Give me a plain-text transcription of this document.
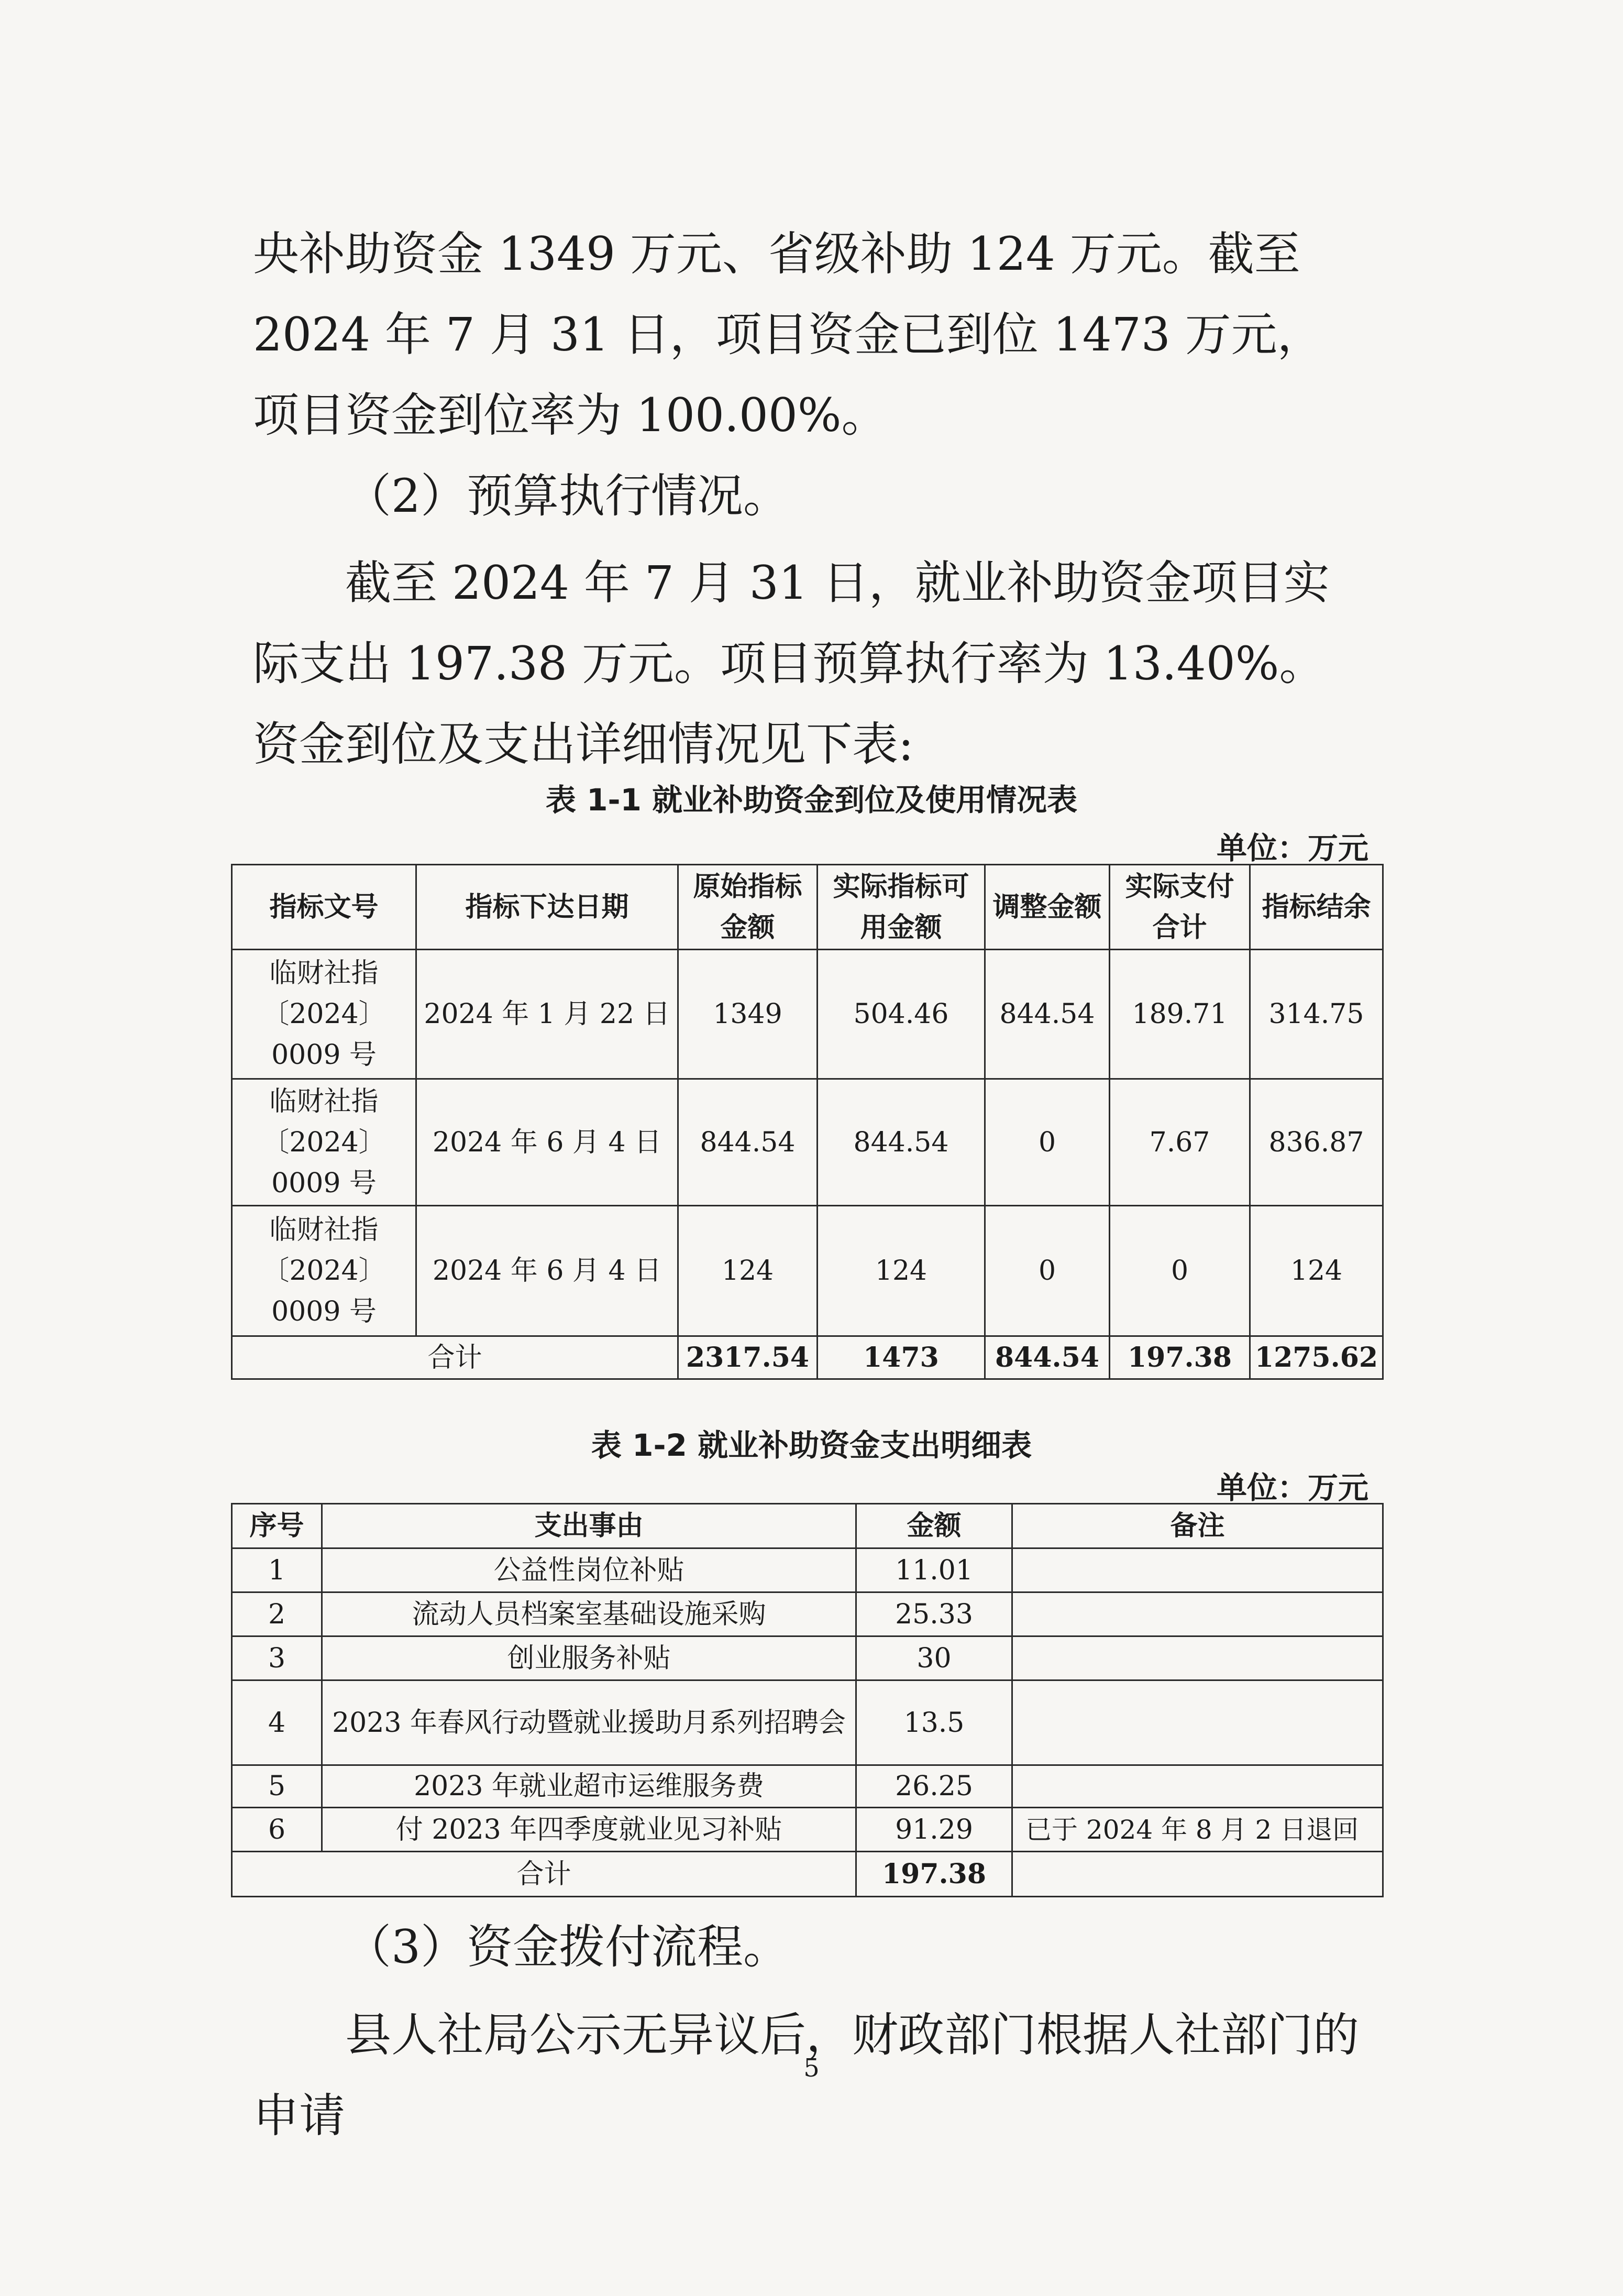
央补助资金 1349 万元、省级补助 124 万元。截至 2024 年 7 月 31 日，项目资金已到位 1473 万元，项目资金到位率为 100.00%。

（2）预算执行情况。

截至 2024 年 7 月 31 日，就业补助资金项目实际支出 197.38 万元。项目预算执行率为 13.40%。资金到位及支出详细情况见下表:

表 1-1 就业补助资金到位及使用情况表
单位：万元
指标文号	指标下达日期	原始指标金额	实际指标可用金额	调整金额	实际支付合计	指标结余
临财社指〔2024〕0009 号	2024 年 1 月 22 日	1349	504.46	844.54	189.71	314.75
临财社指〔2024〕0009 号	2024 年 6 月 4 日	844.54	844.54	0	7.67	836.87
临财社指〔2024〕0009 号	2024 年 6 月 4 日	124	124	0	0	124
合计		2317.54	1473	844.54	197.38	1275.62
表 1-2 就业补助资金支出明细表
单位：万元
序号	支出事由	金额	备注
1	公益性岗位补贴	11.01	
2	流动人员档案室基础设施采购	25.33	
3	创业服务补贴	30	
4	2023 年春风行动暨就业援助月系列招聘会	13.5	
5	2023 年就业超市运维服务费	26.25	
6	付 2023 年四季度就业见习补贴	91.29	已于 2024 年 8 月 2 日退回
合计		197.38	

（3）资金拨付流程。

县人社局公示无异议后，财政部门根据人社部门的申请

5
